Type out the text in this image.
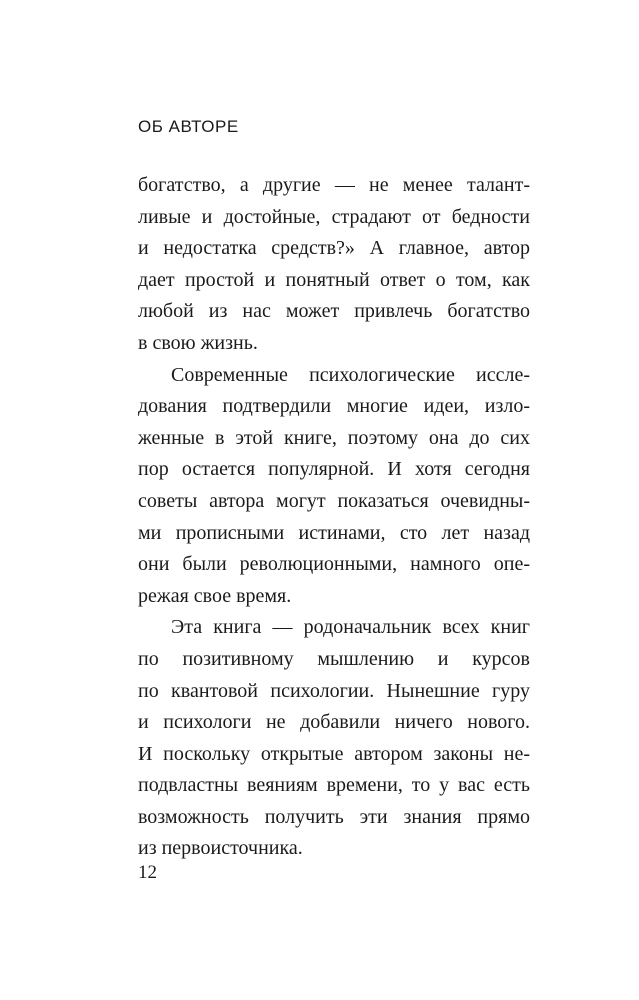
ОБ АВТОРЕ
богатство, а другие — не менее талант-
ливые и достойные, страдают от бедности
и недостатка средств?» А главное, автор
дает простой и понятный ответ о том, как
любой из нас может привлечь богатство
в свою жизнь.
Современные психологические иссле-
дования подтвердили многие идеи, изло-
женные в этой книге, поэтому она до сих
пор остается популярной. И хотя сегодня
советы автора могут показаться очевидны-
ми прописными истинами, сто лет назад
они были революционными, намного опе-
режая свое время.
Эта книга — родоначальник всех книг
по позитивному мышлению и курсов
по квантовой психологии. Нынешние гуру
и психологи не добавили ничего нового.
И поскольку открытые автором законы не-
подвластны веяниям времени, то у вас есть
возможность получить эти знания прямо
из первоисточника.
12
